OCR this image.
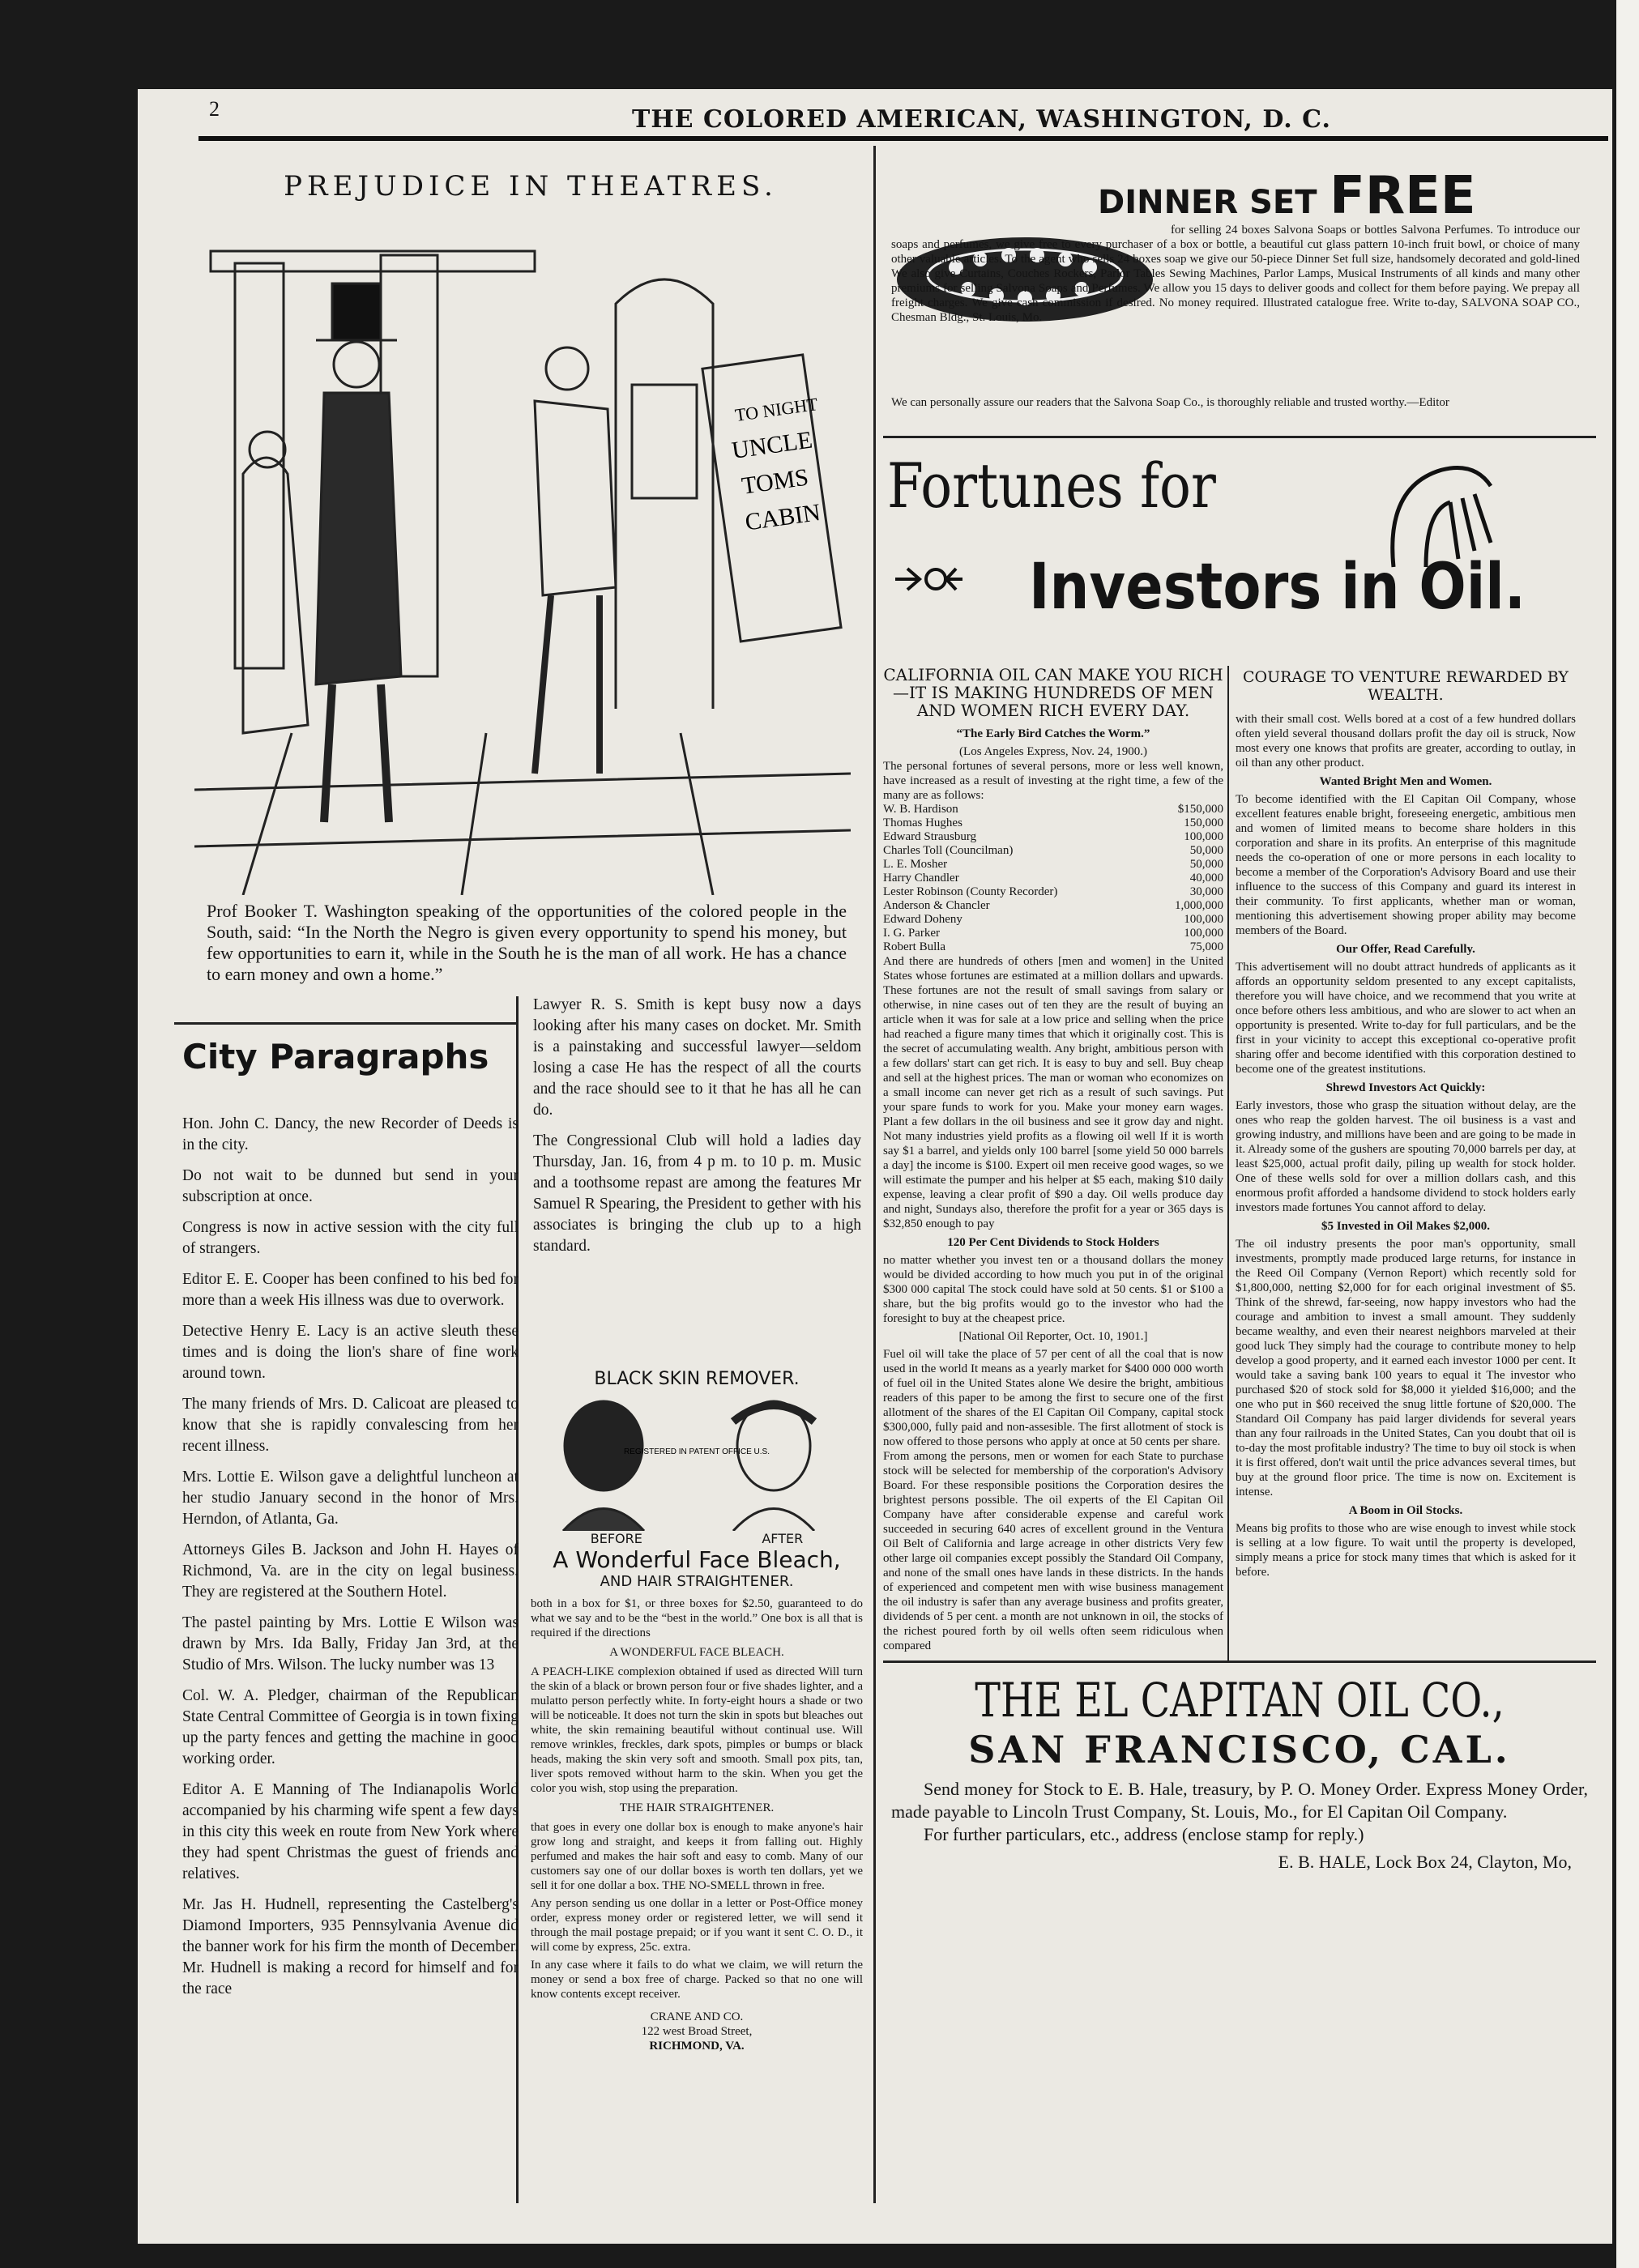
2	THE COLORED AMERICAN, WASHINGTON, D. C.
PREJUDICE IN THEATRES.
TO NIGHT
UNCLE
TOMS
CABIN
Prof Booker T. Washington speaking of the opportunities of the colored people in the South, said: “In the North the Negro is given every opportunity to spend his money, but few opportunities to earn it, while in the South he is the man of all work. He has a chance to earn money and own a home.”
City Paragraphs
Hon. John C. Dancy, the new Recorder of Deeds is in the city.
Do not wait to be dunned but send in your subscription at once.
Congress is now in active session with the city full of strangers.
Editor E. E. Cooper has been confined to his bed for more than a week His illness was due to overwork.
Detective Henry E. Lacy is an active sleuth these times and is doing the lion's share of fine work around town.
The many friends of Mrs. D. Calicoat are pleased to know that she is rapidly convalescing from her recent illness.
Mrs. Lottie E. Wilson gave a delightful luncheon at her studio January second in the honor of Mrs. Herndon, of Atlanta, Ga.
Attorneys Giles B. Jackson and John H. Hayes of Richmond, Va. are in the city on legal business. They are registered at the Southern Hotel.
The pastel painting by Mrs. Lottie E Wilson was drawn by Mrs. Ida Bally, Friday Jan 3rd, at the Studio of Mrs. Wilson. The lucky number was 13
Col. W. A. Pledger, chairman of the Republican State Central Committee of Georgia is in town fixing up the party fences and getting the machine in good working order.
Editor A. E Manning of The Indianapolis World accompanied by his charming wife spent a few days in this city this week en route from New York where they had spent Christmas the guest of friends and relatives.
Mr. Jas H. Hudnell, representing the Castelberg's Diamond Importers, 935 Pennsylvania Avenue did the banner work for his firm the month of December. Mr. Hudnell is making a record for himself and for the race
Lawyer R. S. Smith is kept busy now a days looking after his many cases on docket. Mr. Smith is a painstaking and successful lawyer—seldom losing a case He has the respect of all the courts and the race should see to it that he has all he can do.
The Congressional Club will hold a ladies day Thursday, Jan. 16, from 4 p m. to 10 p. m. Music and a toothsome repast are among the features Mr Samuel R Spearing, the President to gether with his associates is bringing the club up to a high standard.
BLACK SKIN REMOVER.
REGISTERED IN PATENT OFFICE U.S.
BEFORE	AFTER
A Wonderful Face Bleach,
AND HAIR STRAIGHTENER.
both in a box for $1, or three boxes for $2.50, guaranteed to do what we say and to be the “best in the world.” One box is all that is required if the directions
A WONDERFUL FACE BLEACH.
A PEACH-LIKE complexion obtained if used as directed Will turn the skin of a black or brown person four or five shades lighter, and a mulatto person perfectly white. In forty-eight hours a shade or two will be noticeable. It does not turn the skin in spots but bleaches out white, the skin remaining beautiful without continual use. Will remove wrinkles, freckles, dark spots, pimples or bumps or black heads, making the skin very soft and smooth. Small pox pits, tan, liver spots removed without harm to the skin. When you get the color you wish, stop using the preparation.
THE HAIR STRAIGHTENER.
that goes in every one dollar box is enough to make anyone's hair grow long and straight, and keeps it from falling out. Highly perfumed and makes the hair soft and easy to comb. Many of our customers say one of our dollar boxes is worth ten dollars, yet we sell it for one dollar a box. THE NO-SMELL thrown in free.
Any person sending us one dollar in a letter or Post-Office money order, express money order or registered letter, we will send it through the mail postage prepaid; or if you want it sent C. O. D., it will come by express, 25c. extra.
In any case where it fails to do what we claim, we will return the money or send a box free of charge. Packed so that no one will know contents except receiver.
CRANE AND CO.
122 west Broad Street,
RICHMOND, VA.
DINNER SET FREE
for selling 24 boxes Salvona Soaps or bottles Salvona Perfumes. To introduce our soaps and perfumes, we give free to every purchaser of a box or bottle, a beautiful cut glass pattern 10-inch fruit bowl, or choice of many other valuable articles. To the agent who sells 24 boxes soap we give our 50-piece Dinner Set full size, handsomely decorated and gold-lined We also give Curtains, Couches Rockers, Parlor Tables Sewing Machines, Parlor Lamps, Musical Instruments of all kinds and many other premiums for selling Salvona Soaps and Perfumes. We allow you 15 days to deliver goods and collect for them before paying. We prepay all freight charges. We give cash commission if desired. No money required. Illustrated catalogue free. Write to-day, SALVONA SOAP CO., Chesman Bldg., St. Louis, Mo.
We can personally assure our readers that the Salvona Soap Co., is thoroughly reliable and trusted worthy.—Editor
Fortunes for
Investors in Oil.
CALIFORNIA OIL CAN MAKE YOU RICH—IT IS MAKING HUNDREDS OF MEN AND WOMEN RICH EVERY DAY.
“The Early Bird Catches the Worm.”
(Los Angeles Express, Nov. 24, 1900.)
The personal fortunes of several persons, more or less well known, have increased as a result of investing at the right time, a few of the many are as follows:
W. B. Hardison	$150,000
Thomas Hughes	150,000
Edward Strausburg	100,000
Charles Toll (Councilman)	50,000
L. E. Mosher	50,000
Harry Chandler	40,000
Lester Robinson (County Recorder)	30,000
Anderson & Chancler	1,000,000
Edward Doheny	100,000
I. G. Parker	100,000
Robert Bulla	75,000
And there are hundreds of others [men and women] in the United States whose fortunes are estimated at a million dollars and upwards. These fortunes are not the result of small savings from salary or otherwise, in nine cases out of ten they are the result of buying an article when it was for sale at a low price and selling when the price had reached a figure many times that which it originally cost. This is the secret of accumulating wealth. Any bright, ambitious person with a few dollars' start can get rich. It is easy to buy and sell. Buy cheap and sell at the highest prices. The man or woman who economizes on a small income can never get rich as a result of such savings. Put your spare funds to work for you. Make your money earn wages. Plant a few dollars in the oil business and see it grow day and night. Not many industries yield profits as a flowing oil well If it is worth say $1 a barrel, and yields only 100 barrel [some yield 50 000 barrels a day] the income is $100. Expert oil men receive good wages, so we will estimate the pumper and his helper at $5 each, making $10 daily expense, leaving a clear profit of $90 a day. Oil wells produce day and night, Sundays also, therefore the profit for a year or 365 days is $32,850 enough to pay
120 Per Cent Dividends to Stock Holders
no matter whether you invest ten or a thousand dollars the money would be divided according to how much you put in of the original $300 000 capital The stock could have sold at 50 cents. $1 or $100 a share, but the big profits would go to the investor who had the foresight to buy at the cheapest price.
[National Oil Reporter, Oct. 10, 1901.]
Fuel oil will take the place of 57 per cent of all the coal that is now used in the world It means as a yearly market for $400 000 000 worth of fuel oil in the United States alone We desire the bright, ambitious readers of this paper to be among the first to secure one of the first allotment of the shares of the El Capitan Oil Company, capital stock $300,000, fully paid and non-assesible. The first allotment of stock is now offered to those persons who apply at once at 50 cents per share.
From among the persons, men or women for each State to purchase stock will be selected for membership of the corporation's Advisory Board. For these responsible positions the Corporation desires the brightest persons possible. The oil experts of the El Capitan Oil Company have after considerable expense and careful work succeeded in securing 640 acres of excellent ground in the Ventura Oil Belt of California and large acreage in other districts Very few other large oil companies except possibly the Standard Oil Company, and none of the small ones have lands in these districts. In the hands of experienced and competent men with wise business management the oil industry is safer than any average business and profits greater, dividends of 5 per cent. a month are not unknown in oil, the stocks of the richest poured forth by oil wells often seem ridiculous when compared
COURAGE TO VENTURE REWARDED BY WEALTH.
with their small cost. Wells bored at a cost of a few hundred dollars often yield several thousand dollars profit the day oil is struck, Now most every one knows that profits are greater, according to outlay, in oil than any other product.
Wanted Bright Men and Women.
To become identified with the El Capitan Oil Company, whose excellent features enable bright, foreseeing energetic, ambitious men and women of limited means to become share holders in this corporation and share in its profits. An enterprise of this magnitude needs the co-operation of one or more persons in each locality to become a member of the Corporation's Advisory Board and use their influence to the success of this Company and guard its interest in their community. To first applicants, whether man or woman, mentioning this advertisement showing proper ability may become members of the Board.
Our Offer, Read Carefully.
This advertisement will no doubt attract hundreds of applicants as it affords an opportunity seldom presented to any except capitalists, therefore you will have choice, and we recommend that you write at once before others less ambitious, and who are slower to act when an opportunity is presented. Write to-day for full particulars, and be the first in your vicinity to accept this exceptional co-operative profit sharing offer and become identified with this corporation destined to become one of the greatest institutions.
Shrewd Investors Act Quickly:
Early investors, those who grasp the situation without delay, are the ones who reap the golden harvest. The oil business is a vast and growing industry, and millions have been and are going to be made in it. Already some of the gushers are spouting 70,000 barrels per day, at least $25,000, actual profit daily, piling up wealth for stock holder. One of these wells sold for over a million dollars cash, and this enormous profit afforded a handsome dividend to stock holders early investors made fortunes You cannot afford to delay.
$5 Invested in Oil Makes $2,000.
The oil industry presents the poor man's opportunity, small investments, promptly made produced large returns, for instance in the Reed Oil Company (Vernon Report) which recently sold for $1,800,000, netting $2,000 for for each original investment of $5. Think of the shrewd, far-seeing, now happy investors who had the courage and ambition to invest a small amount. They suddenly became wealthy, and even their nearest neighbors marveled at their good luck They simply had the courage to contribute money to help develop a good property, and it earned each investor 1000 per cent. It would take a saving bank 100 years to equal it The investor who purchased $20 of stock sold for $8,000 it yielded $16,000; and the one who put in $60 received the snug little fortune of $20,000. The Standard Oil Company has paid larger dividends for several years than any four railroads in the United States, Can you doubt that oil is to-day the most profitable industry? The time to buy oil stock is when it is first offered, don't wait until the price advances several times, but buy at the ground floor price. The time is now on. Excitement is intense.
A Boom in Oil Stocks.
Means big profits to those who are wise enough to invest while stock is selling at a low figure. To wait until the property is developed, simply means a price for stock many times that which is asked for it before.
THE EL CAPITAN OIL CO.,
SAN FRANCISCO, CAL.
Send money for Stock to E. B. Hale, treasury, by P. O. Money Order. Express Money Order, made payable to Lincoln Trust Company, St. Louis, Mo., for El Capitan Oil Company.
For further particulars, etc., address (enclose stamp for reply.)
E. B. HALE, Lock Box 24, Clayton, Mo,
